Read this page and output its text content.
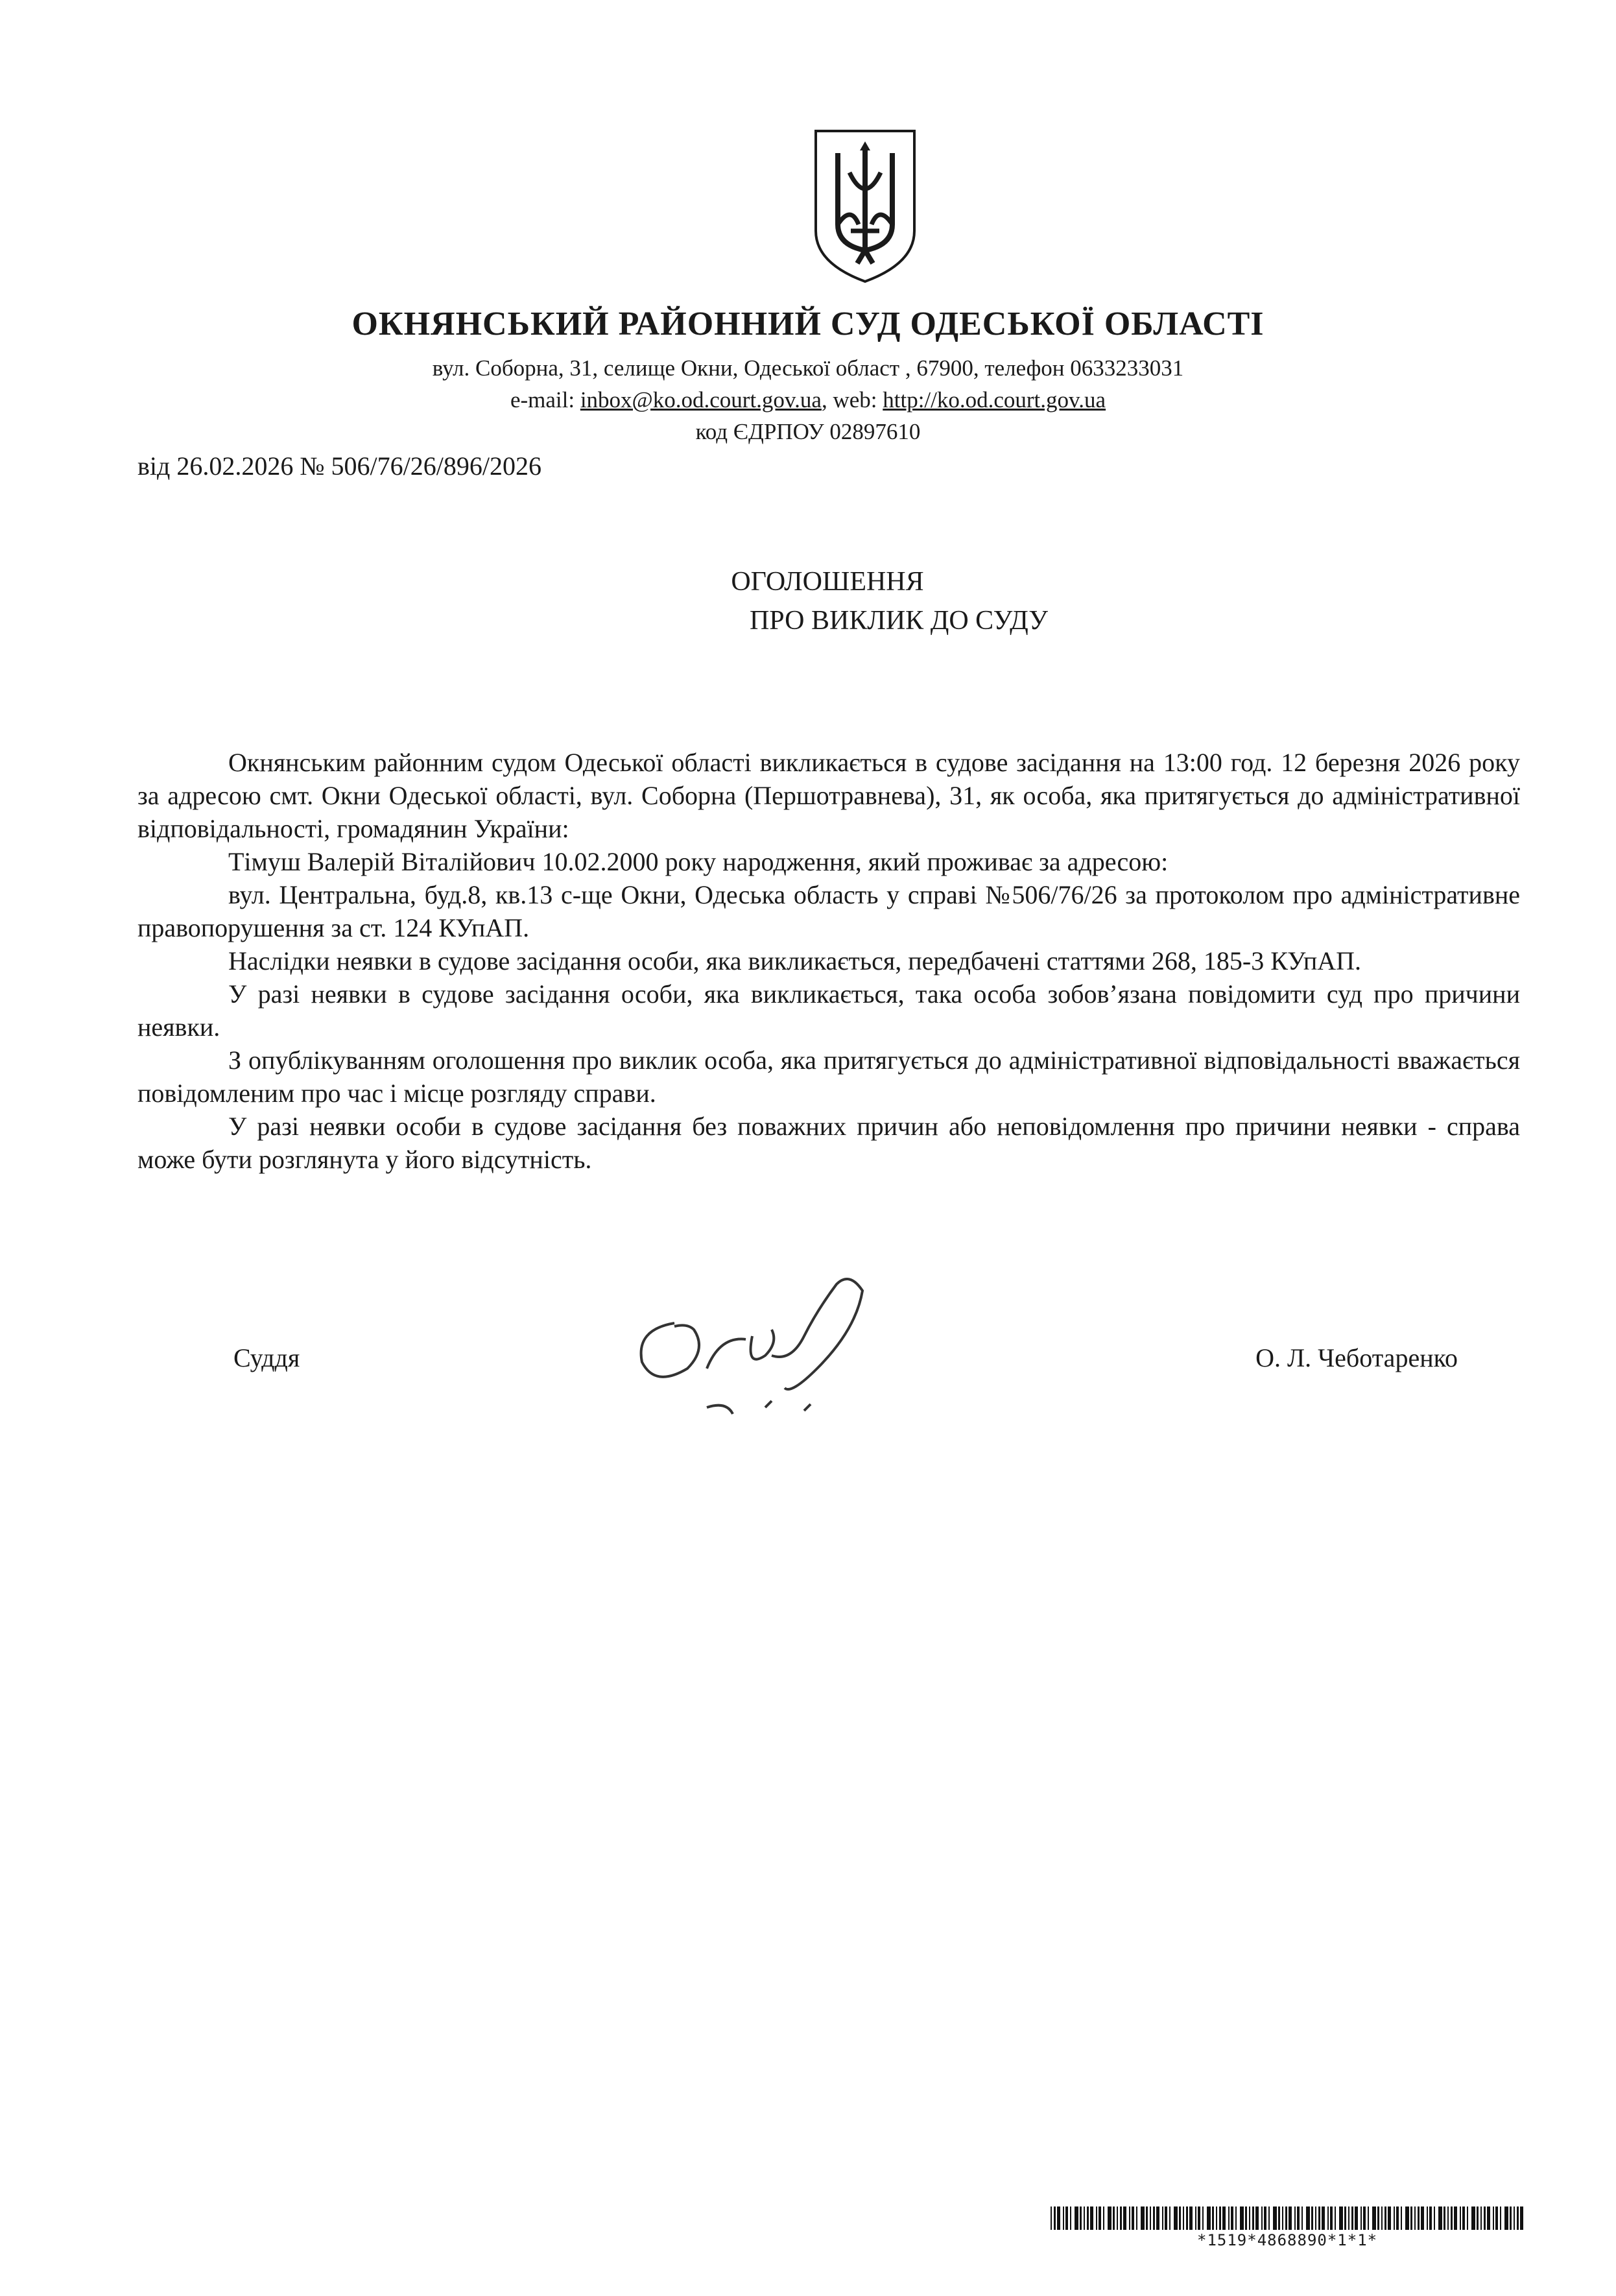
ОКНЯНСЬКИЙ РАЙОННИЙ СУД ОДЕСЬКОЇ ОБЛАСТІ
вул. Соборна, 31, селище Окни, Одеської област , 67900, телефон 0633233031
e-mail: inbox@ko.od.court.gov.ua, web: http://ko.od.court.gov.ua
код ЄДРПОУ 02897610
від 26.02.2026 № 506/76/26/896/2026
ОГОЛОШЕННЯ
ПРО ВИКЛИК ДО СУДУ

Окнянським районним судом Одеської області викликається в судове засідання на 13:00 год. 12 березня 2026 року за адресою смт. Окни Одеської області, вул. Соборна (Першотравнева), 31, як особа, яка притягується до адміністративної відповідальності, громадянин України:

Тімуш Валерій Віталійович 10.02.2000 року народження, який проживає за адресою:

вул. Центральна, буд.8, кв.13 с-ще Окни, Одеська область у справі №506/76/26 за протоколом про адміністративне правопорушення за ст. 124 КУпАП.

Наслідки неявки в судове засідання особи, яка викликається, передбачені статтями 268, 185-3 КУпАП.

У разі неявки в судове засідання особи, яка викликається, така особа зобов’язана повідомити суд про причини неявки.

З опублікуванням оголошення про виклик особа, яка притягується до адміністративної відповідальності вважається повідомленим про час і місце розгляду справи.

У разі неявки особи в судове засідання без поважних причин або неповідомлення про причини неявки - справа може бути розглянута у його відсутність.

Суддя	О. Л. Чеботаренко
*1519*4868890*1*1*
